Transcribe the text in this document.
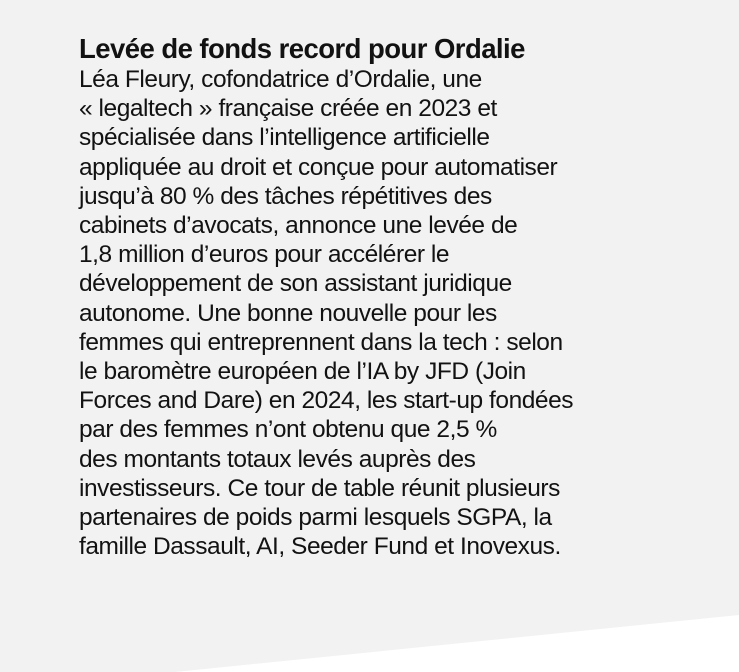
Levée de fonds record pour Ordalie

Léa Fleury, cofondatrice d’Ordalie, une

« legaltech » française créée en 2023 et

spécialisée dans l’intelligence artificielle

appliquée au droit et conçue pour automatiser

jusqu’à 80 % des tâches répétitives des

cabinets d’avocats, annonce une levée de

1,8 million d’euros pour accélérer le

développement de son assistant juridique

autonome. Une bonne nouvelle pour les

femmes qui entreprennent dans la tech : selon

le baromètre européen de l’IA by JFD (Join

Forces and Dare) en 2024, les start-up fondées

par des femmes n’ont obtenu que 2,5 %

des montants totaux levés auprès des

investisseurs. Ce tour de table réunit plusieurs

partenaires de poids parmi lesquels SGPA, la

famille Dassault, AI, Seeder Fund et Inovexus.
